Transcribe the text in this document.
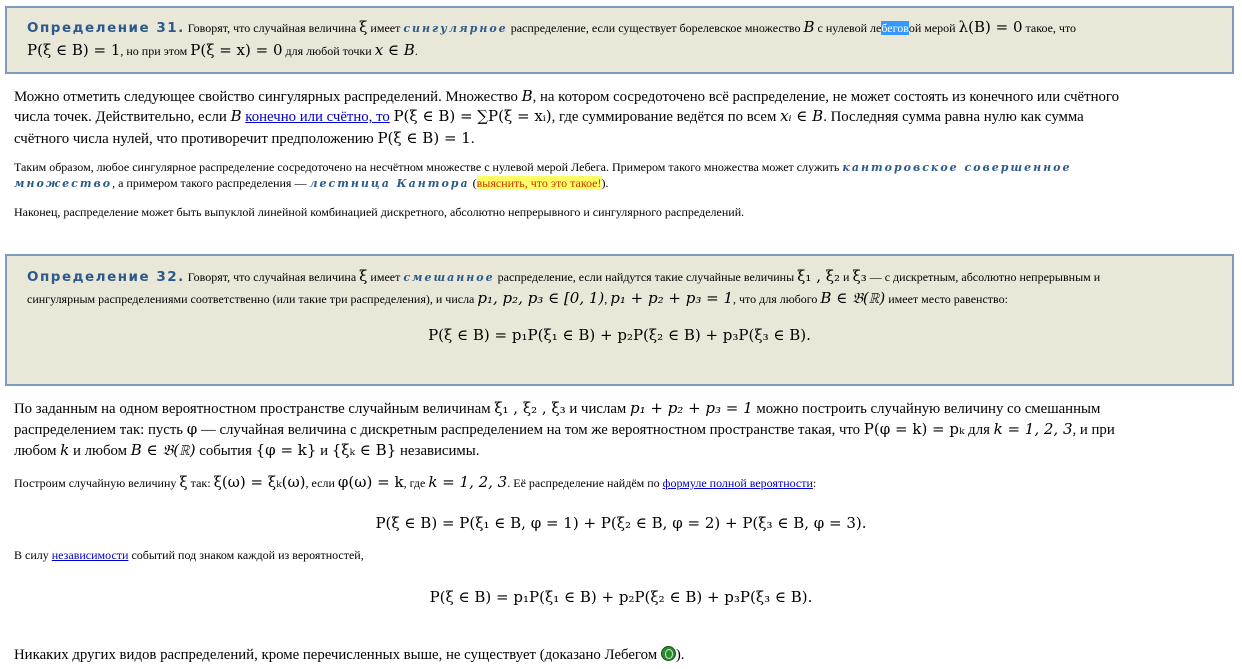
Определение 31. Говорят, что случайная величина ξ имеет сингулярное распределение, если существует борелевское множество B с нулевой лебеговой мерой λ(B) = 0 такое, что
P(ξ ∈ B) = 1, но при этом P(ξ = x) = 0 для любой точки x ∈ B.
Можно отметить следующее свойство сингулярных распределений. Множество B, на котором сосредоточено всё распределение, не может состоять из конечного или счётного
числа точек. Действительно, если B конечно или счётно, то P(ξ ∈ B) = ∑P(ξ = xᵢ), где суммирование ведётся по всем xᵢ ∈ B. Последняя сумма равна нулю как сумма
счётного числа нулей, что противоречит предположению P(ξ ∈ B) = 1.
Таким образом, любое сингулярное распределение сосредоточено на несчётном множестве с нулевой мерой Лебега. Примером такого множества может служить канторовское совершенное
множество, а примером такого распределения — лестница Кантора (выяснить, что это такое!).
Наконец, распределение может быть выпуклой линейной комбинацией дискретного, абсолютно непрерывного и сингулярного распределений.
Определение 32. Говорят, что случайная величина ξ имеет смешанное распределение, если найдутся такие случайные величины ξ₁ , ξ₂ и ξ₃ — с дискретным, абсолютно непрерывным и
сингулярным распределениями соответственно (или такие три распределения), и числа p₁, p₂, p₃ ∈ [0, 1), p₁ + p₂ + p₃ = 1, что для любого B ∈ 𝔅(ℝ) имеет место равенство:
P(ξ ∈ B) = p₁P(ξ₁ ∈ B) + p₂P(ξ₂ ∈ B) + p₃P(ξ₃ ∈ B).
По заданным на одном вероятностном пространстве случайным величинам ξ₁ , ξ₂ , ξ₃ и числам p₁ + p₂ + p₃ = 1 можно построить случайную величину со смешанным
распределением так: пусть φ — случайная величина с дискретным распределением на том же вероятностном пространстве такая, что P(φ = k) = pₖ для k = 1, 2, 3, и при
любом k и любом B ∈ 𝔅(ℝ) события {φ = k} и {ξₖ ∈ B} независимы.
Построим случайную величину ξ так: ξ(ω) = ξₖ(ω), если φ(ω) = k, где k = 1, 2, 3. Её распределение найдём по формуле полной вероятности:
P(ξ ∈ B) = P(ξ₁ ∈ B, φ = 1) + P(ξ₂ ∈ B, φ = 2) + P(ξ₃ ∈ B, φ = 3).
В силу независимости событий под знаком каждой из вероятностей,
P(ξ ∈ B) = p₁P(ξ₁ ∈ B) + p₂P(ξ₂ ∈ B) + p₃P(ξ₃ ∈ B).
Никаких других видов распределений, кроме перечисленных выше, не существует (доказано Лебегом ).
